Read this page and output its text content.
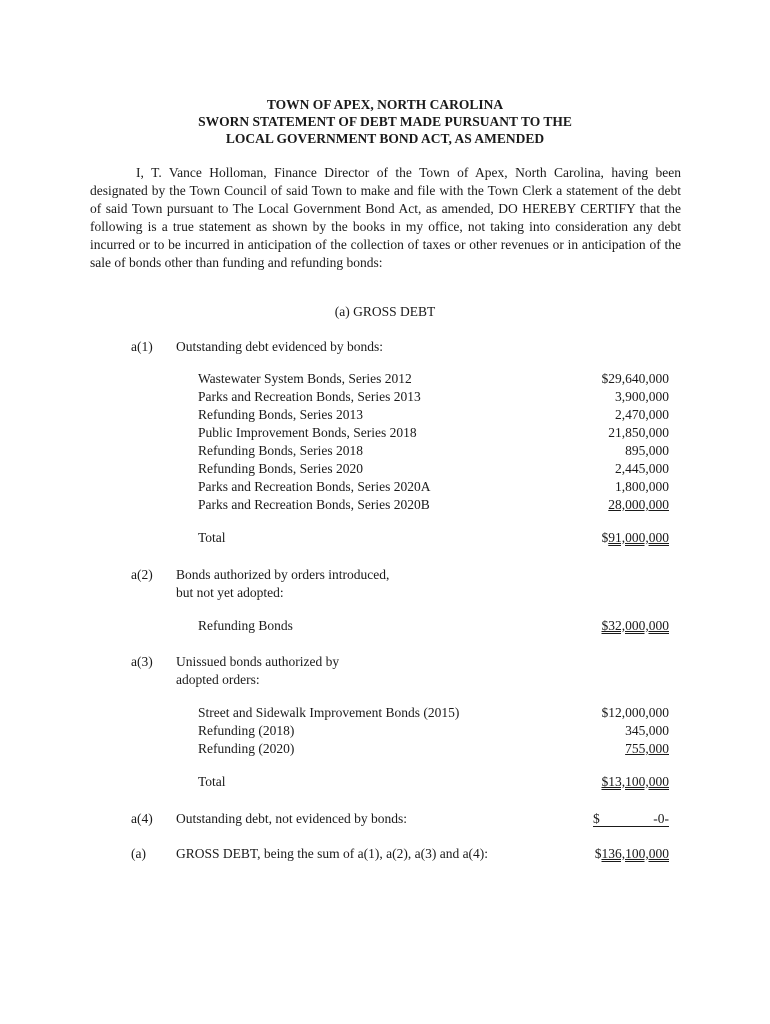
TOWN OF APEX, NORTH CAROLINA
SWORN STATEMENT OF DEBT MADE PURSUANT TO THE
LOCAL GOVERNMENT BOND ACT, AS AMENDED
I, T. Vance Holloman, Finance Director of the Town of Apex, North Carolina, having been designated by the Town Council of said Town to make and file with the Town Clerk a statement of the debt of said Town pursuant to The Local Government Bond Act, as amended, DO HEREBY CERTIFY that the following is a true statement as shown by the books in my office, not taking into consideration any debt incurred or to be incurred in anticipation of the collection of taxes or other revenues or in anticipation of the sale of bonds other than funding and refunding bonds:
(a) GROSS DEBT
a(1) Outstanding debt evidenced by bonds:
Wastewater System Bonds, Series 2012	$29,640,000
Parks and Recreation Bonds, Series 2013	3,900,000
Refunding Bonds, Series 2013	2,470,000
Public Improvement Bonds, Series 2018	21,850,000
Refunding Bonds, Series 2018	895,000
Refunding Bonds, Series 2020	2,445,000
Parks and Recreation Bonds, Series 2020A	1,800,000
Parks and Recreation Bonds, Series 2020B	28,000,000
Total	$91,000,000
a(2) Bonds authorized by orders introduced,
but not yet adopted:
Refunding Bonds	$32,000,000
a(3) Unissued bonds authorized by
adopted orders:
Street and Sidewalk Improvement Bonds (2015)	$12,000,000
Refunding (2018)	345,000
Refunding (2020)	755,000
Total	$13,100,000
a(4) Outstanding debt, not evidenced by bonds:	$	-0-
(a) GROSS DEBT, being the sum of a(1), a(2), a(3) and a(4):	$136,100,000
